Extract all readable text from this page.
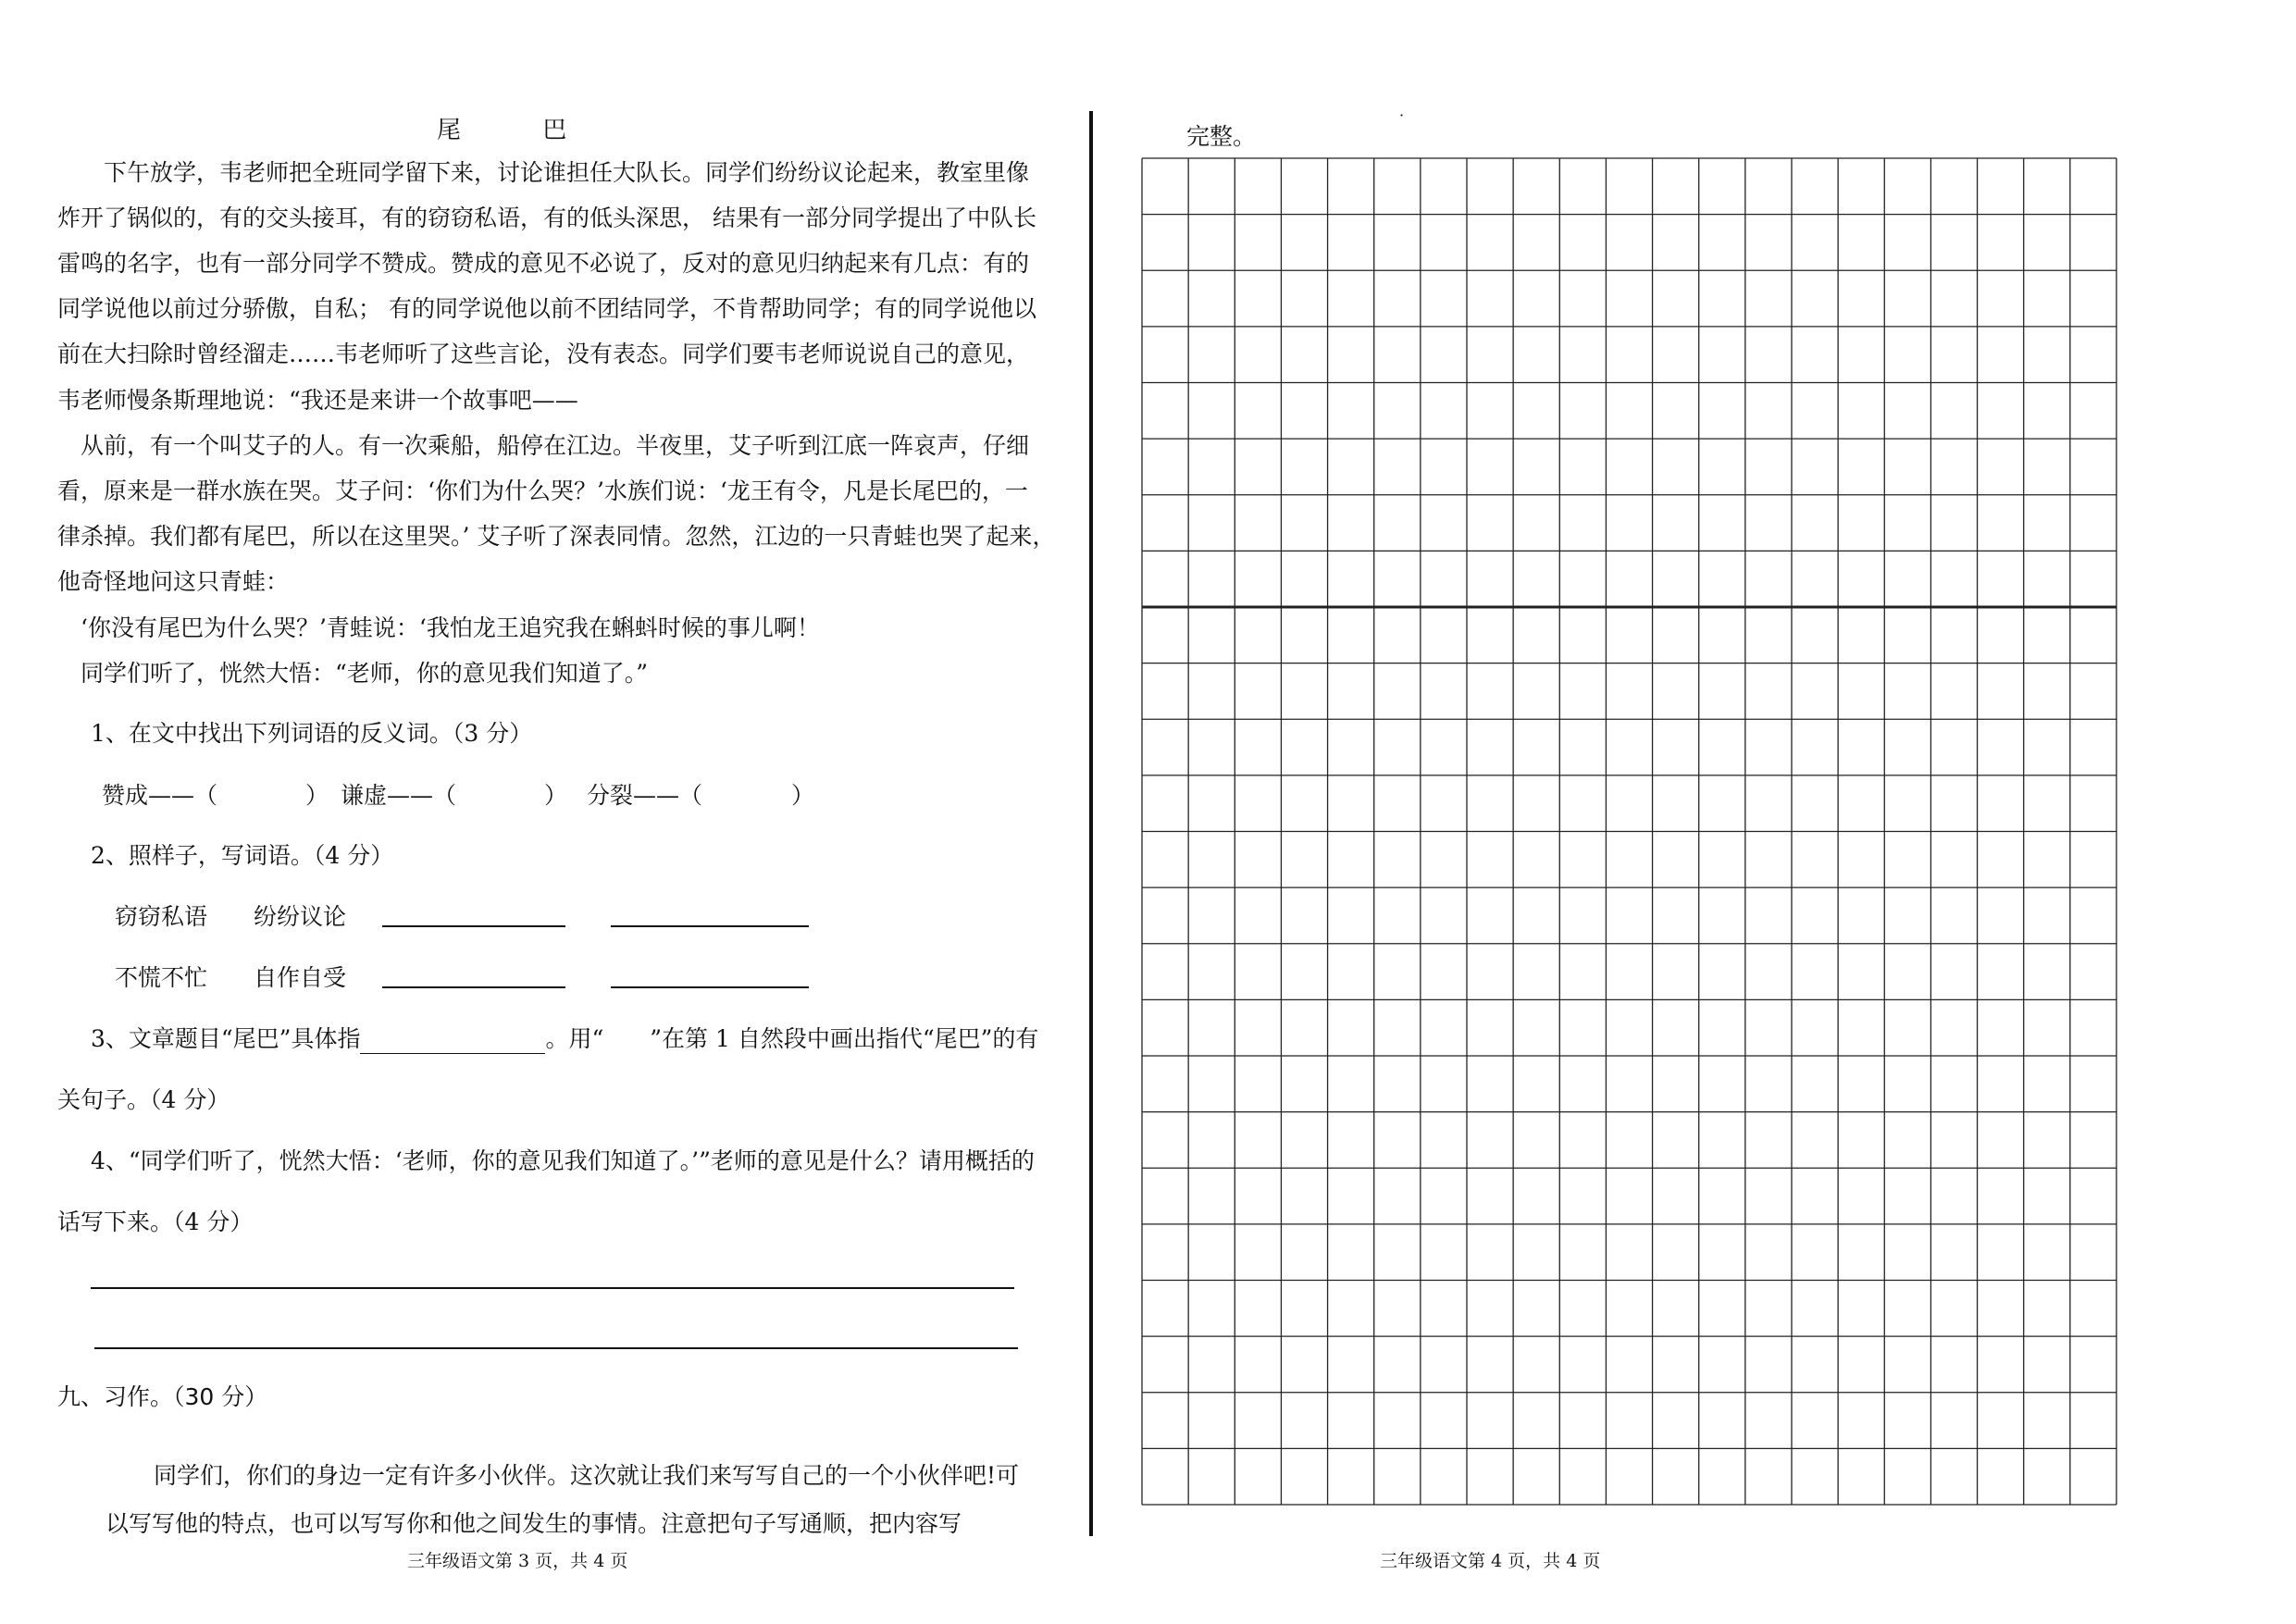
尾 巴
　　下午放学，韦老师把全班同学留下来，讨论谁担任大队长。同学们纷纷议论起来，教室里像
炸开了锅似的，有的交头接耳，有的窃窃私语，有的低头深思， 结果有一部分同学提出了中队长
雷鸣的名字，也有一部分同学不赞成。赞成的意见不必说了，反对的意见归纳起来有几点：有的
同学说他以前过分骄傲，自私； 有的同学说他以前不团结同学，不肯帮助同学；有的同学说他以
前在大扫除时曾经溜走……韦老师听了这些言论，没有表态。同学们要韦老师说说自己的意见，
韦老师慢条斯理地说：“我还是来讲一个故事吧——
　从前，有一个叫艾子的人。有一次乘船，船停在江边。半夜里，艾子听到江底一阵哀声，仔细
看，原来是一群水族在哭。艾子问：‘你们为什么哭？’水族们说：‘龙王有令，凡是长尾巴的，一
律杀掉。我们都有尾巴，所以在这里哭。’ 艾子听了深表同情。忽然，江边的一只青蛙也哭了起来，
他奇怪地问这只青蛙：
　‘你没有尾巴为什么哭？’青蛙说：‘我怕龙王追究我在蝌蚪时候的事儿啊！
　同学们听了，恍然大悟：“老师，你的意见我们知道了。”
1、在文中找出下列词语的反义词。（3 分）
赞成——（	） 谦虚——（	） 分裂——（	）
2、照样子，写词语。（4 分）
窃窃私语 纷纷议论
不慌不忙 自作自受
3、文章题目“尾巴”具体指	。用“　　”在第 1 自然段中画出指代“尾巴”的有
关句子。（4 分）
4、“同学们听了，恍然大悟：‘老师，你的意见我们知道了。’”老师的意见是什么？请用概括的
话写下来。（4 分）
九、习作。（30 分）
同学们，你们的身边一定有许多小伙伴。这次就让我们来写写自己的一个小伙伴吧!可
以写写他的特点，也可以写写你和他之间发生的事情。注意把句子写通顺，把内容写
三年级语文第 3 页，共 4 页
·
完整。
三年级语文第 4 页，共 4 页
